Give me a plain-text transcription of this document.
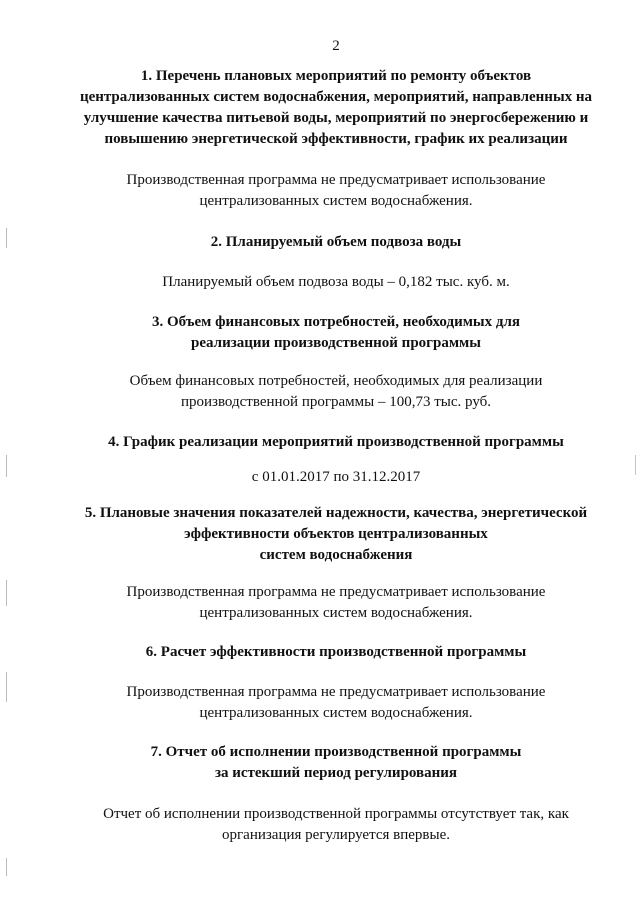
2
1. Перечень плановых мероприятий по ремонту объектов
централизованных систем водоснабжения, мероприятий, направленных на
улучшение качества питьевой воды, мероприятий по энергосбережению и
повышению энергетической эффективности, график их реализации
Производственная программа не предусматривает использование
централизованных систем водоснабжения.
2. Планируемый объем подвоза воды
Планируемый объем подвоза воды – 0,182 тыс. куб. м.
3. Объем финансовых потребностей, необходимых для
реализации производственной программы
Объем финансовых потребностей, необходимых для реализации
производственной программы – 100,73 тыс. руб.
4. График реализации мероприятий производственной программы
с 01.01.2017 по 31.12.2017
5. Плановые значения показателей надежности, качества, энергетической
эффективности объектов централизованных
систем водоснабжения
Производственная программа не предусматривает использование
централизованных систем водоснабжения.
6. Расчет эффективности производственной программы
Производственная программа не предусматривает использование
централизованных систем водоснабжения.
7. Отчет об исполнении производственной программы
за истекший период регулирования
Отчет об исполнении производственной программы отсутствует так, как
организация регулируется впервые.
